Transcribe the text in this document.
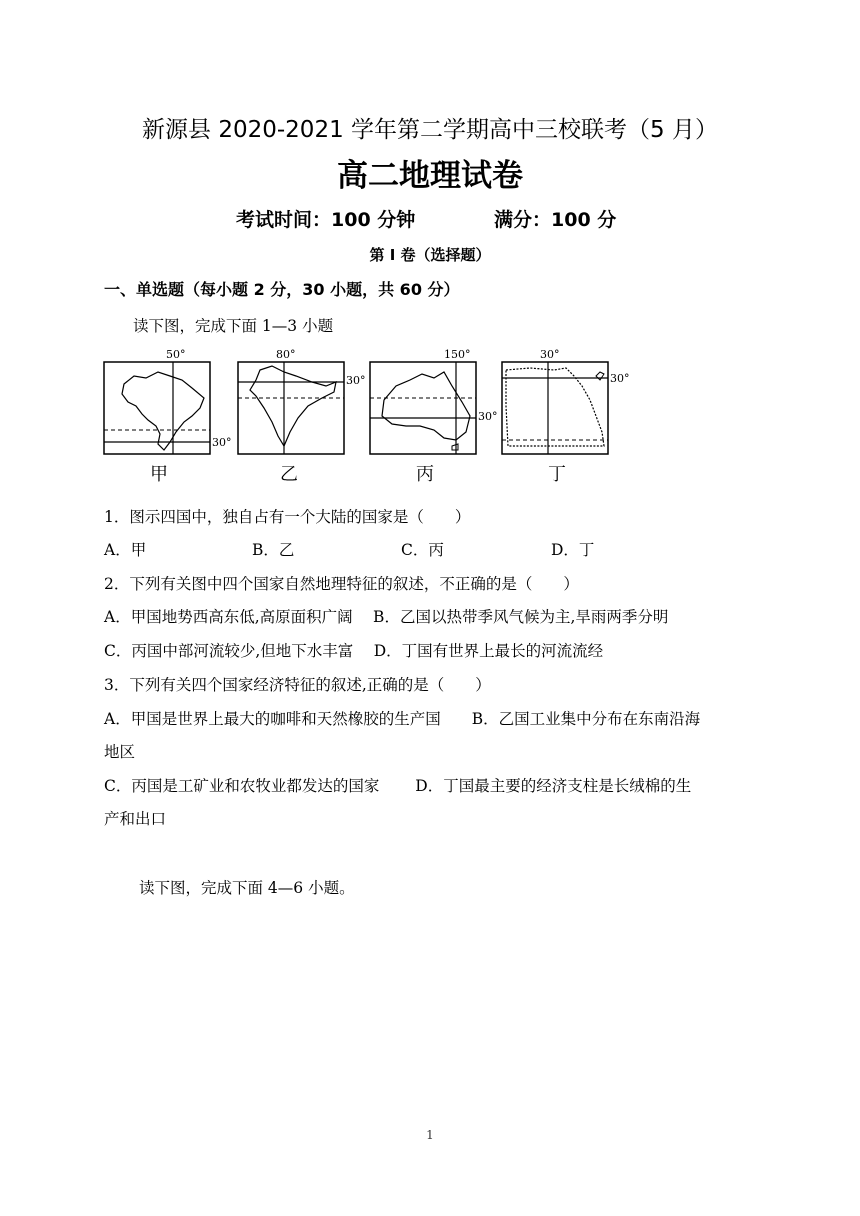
新源县 2020-2021 学年第二学期高中三校联考（5 月）
高二地理试卷
考试时间：100 分钟	满分：100 分
第 I 卷（选择题）
一、单选题（每小题 2 分，30 小题，共 60 分）
读下图，完成下面 1—3 小题
50°
30°
甲
80°
30°
乙
150°
30°
丙
30°
30°
丁
1．图示四国中，独自占有一个大陆的国家是（　　）
A．甲	B．乙	C．丙	D．丁
2．下列有关图中四个国家自然地理特征的叙述，不正确的是（　　）
A．甲国地势西高东低,高原面积广阔　 B．乙国以热带季风气候为主,旱雨两季分明
C．丙国中部河流较少,但地下水丰富　 D．丁国有世界上最长的河流流经
3．下列有关四个国家经济特征的叙述,正确的是（　　）
A．甲国是世界上最大的咖啡和天然橡胶的生产国　　B．乙国工业集中分布在东南沿海
地区
C．丙国是工矿业和农牧业都发达的国家　　 D．丁国最主要的经济支柱是长绒棉的生
产和出口
读下图，完成下面 4—6 小题。
1
